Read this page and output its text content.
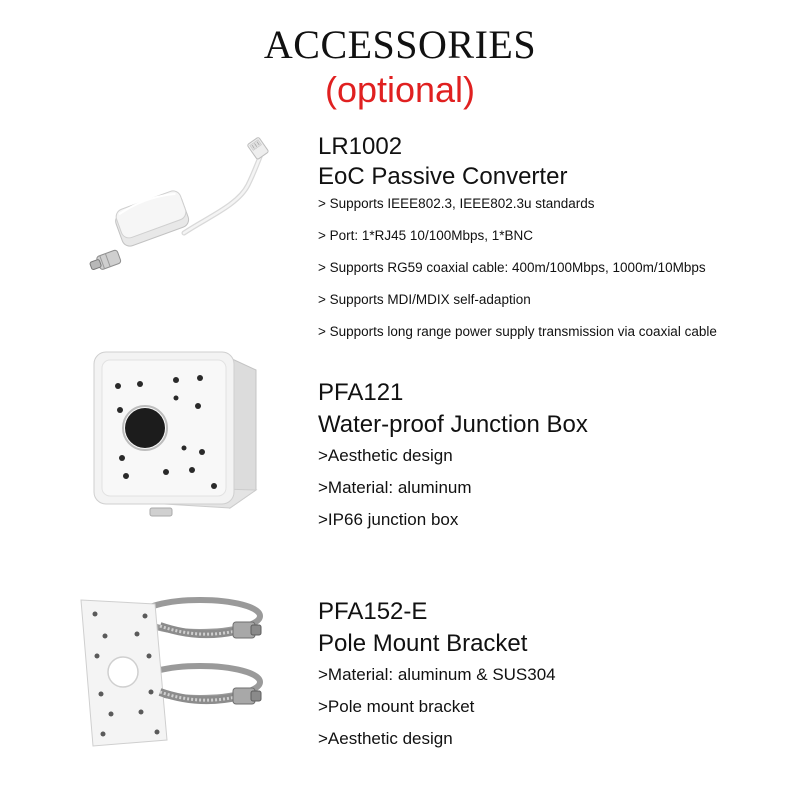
ACCESSORIES
(optional)
LR1002
EoC Passive Converter
> Supports IEEE802.3, IEEE802.3u standards
> Port: 1*RJ45 10/100Mbps, 1*BNC
> Supports RG59 coaxial cable: 400m/100Mbps, 1000m/10Mbps
> Supports MDI/MDIX self-adaption
> Supports long range power supply transmission via coaxial cable
PFA121
Water-proof Junction Box
>Aesthetic design
>Material: aluminum
>IP66 junction box
PFA152-E
Pole Mount Bracket
>Material: aluminum & SUS304
>Pole mount bracket
>Aesthetic design
